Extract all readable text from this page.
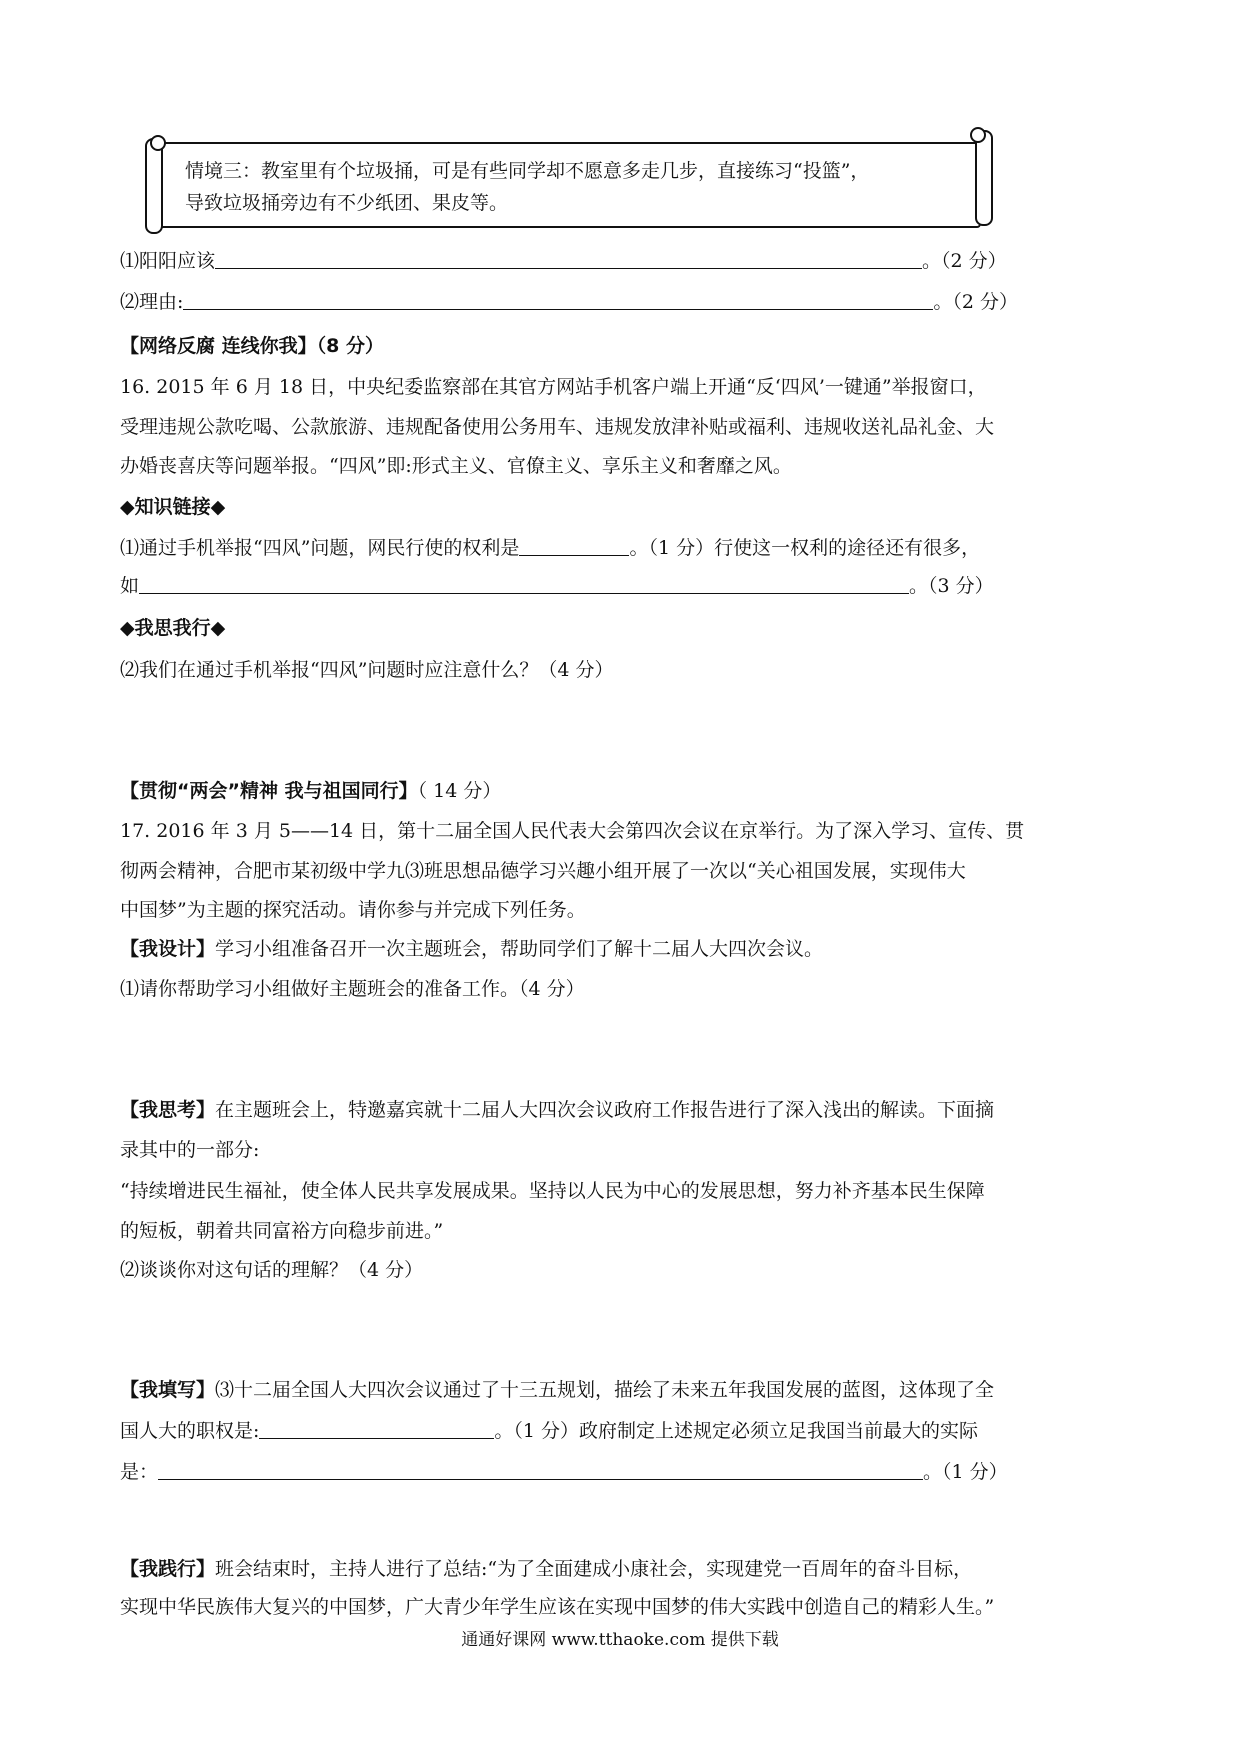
情境三：教室里有个垃圾捅，可是有些同学却不愿意多走几步，直接练习“投篮”，
导致垃圾捅旁边有不少纸团、果皮等。
⑴阳阳应该	。（2 分）
⑵理由:	。（2 分）
【网络反腐 连线你我】（8 分）
16. 2015 年 6 月 18 日，中央纪委监察部在其官方网站手机客户端上开通“反‘四风’一键通”举报窗口，
受理违规公款吃喝、公款旅游、违规配备使用公务用车、违规发放津补贴或福利、违规收送礼品礼金、大
办婚丧喜庆等问题举报。“四风”即:形式主义、官僚主义、享乐主义和奢靡之风。
◆知识链接◆
⑴通过手机举报“四风”问题，网民行使的权利是	。（1 分）行使这一权利的途径还有很多，
如	。（3 分）
◆我思我行◆
⑵我们在通过手机举报“四风”问题时应注意什么？（4 分）
【贯彻“两会”精神 我与祖国同行】（ 14 分）
17. 2016 年 3 月 5——14 日，第十二届全国人民代表大会第四次会议在京举行。为了深入学习、宣传、贯
彻两会精神，合肥市某初级中学九⑶班思想品德学习兴趣小组开展了一次以“关心祖国发展，实现伟大
中国梦”为主题的探究活动。请你参与并完成下列任务。
【我设计】学习小组准备召开一次主题班会，帮助同学们了解十二届人大四次会议。
⑴请你帮助学习小组做好主题班会的准备工作。（4 分）
【我思考】在主题班会上，特邀嘉宾就十二届人大四次会议政府工作报告进行了深入浅出的解读。下面摘
录其中的一部分:
“持续增进民生福祉，使全体人民共享发展成果。坚持以人民为中心的发展思想，努力补齐基本民生保障
的短板，朝着共同富裕方向稳步前进。”
⑵谈谈你对这句话的理解？（4 分）
【我填写】⑶十二届全国人大四次会议通过了十三五规划，描绘了未来五年我国发展的蓝图，这体现了全
国人大的职权是:	。（1 分）政府制定上述规定必须立足我国当前最大的实际
是：	。（1 分）
【我践行】班会结束时，主持人进行了总结:“为了全面建成小康社会，实现建党一百周年的奋斗目标，
实现中华民族伟大复兴的中国梦，广大青少年学生应该在实现中国梦的伟大实践中创造自己的精彩人生。”
通通好课网 www.tthaoke.com 提供下载
